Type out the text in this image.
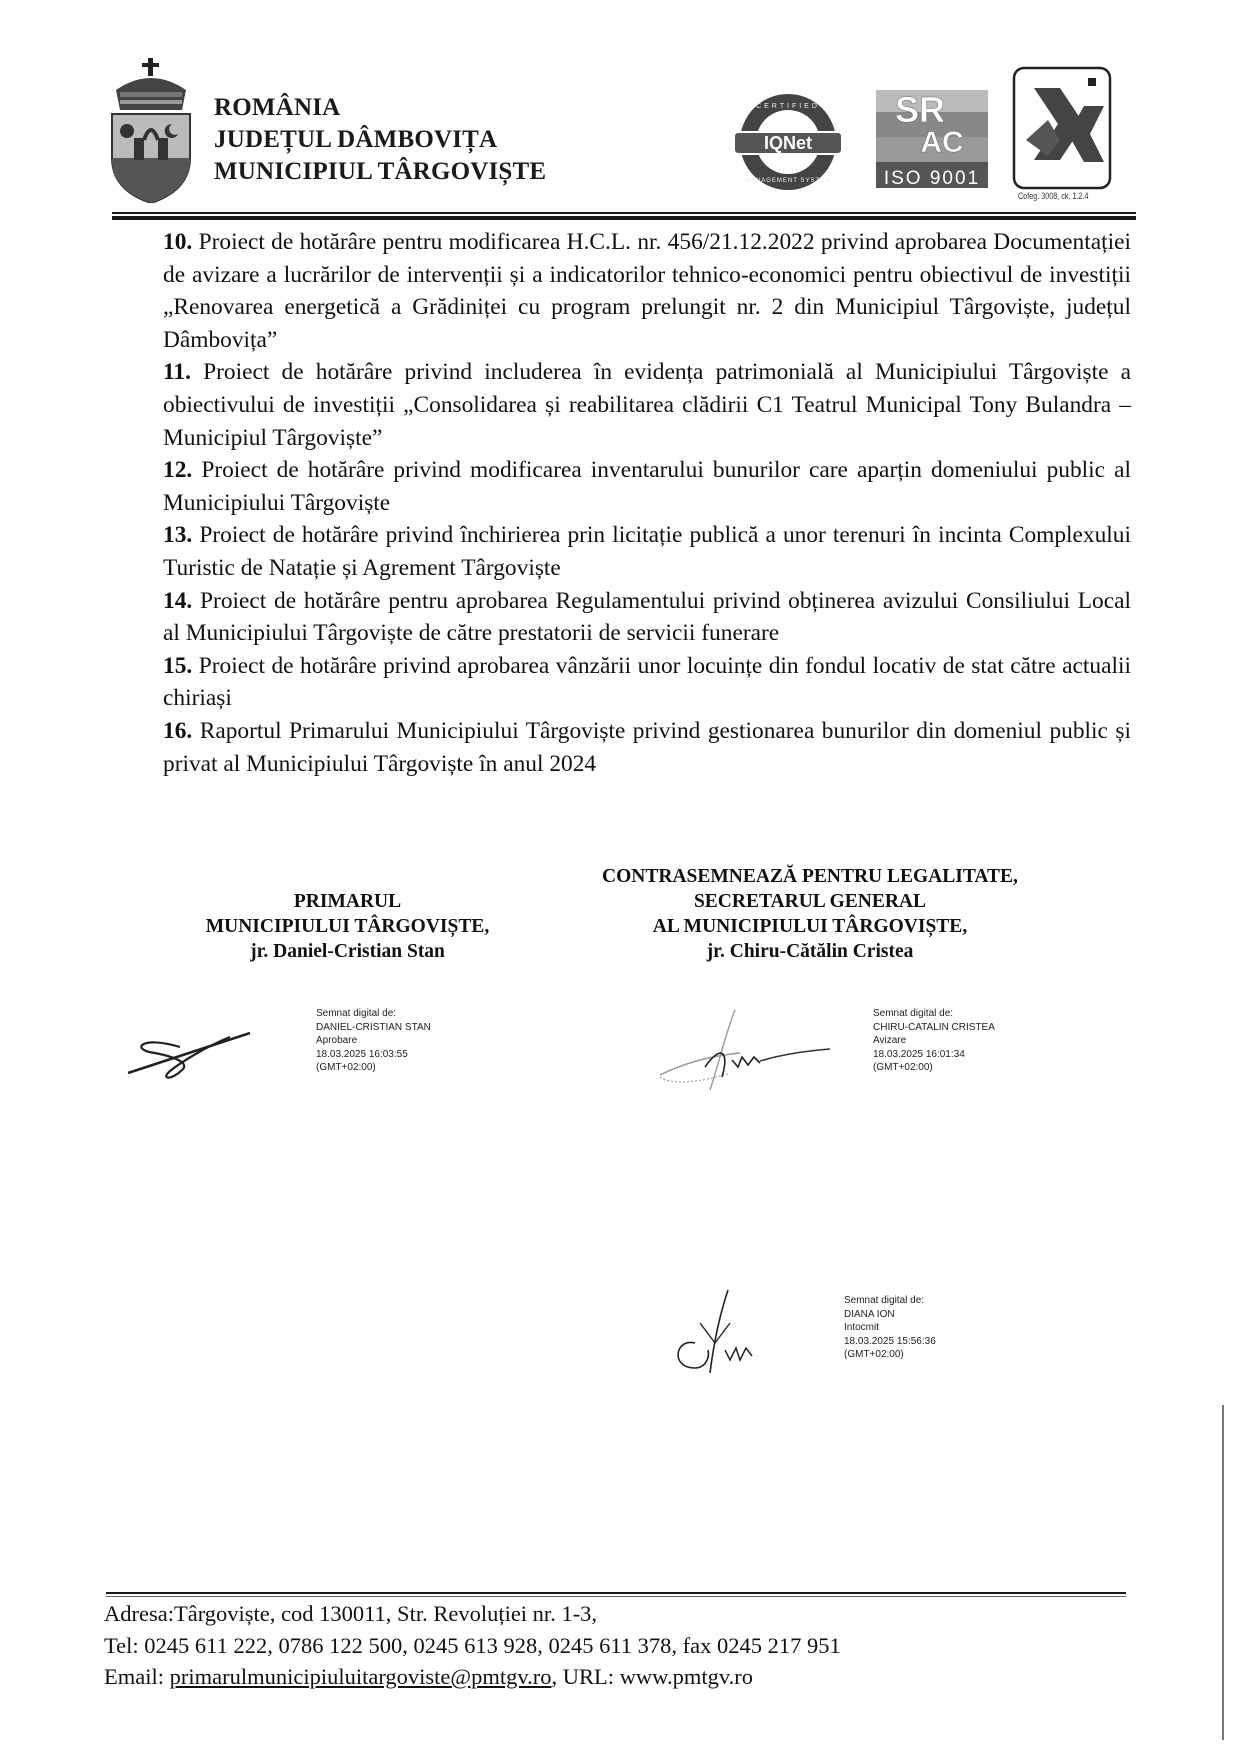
ROMÂNIA
JUDEȚUL DÂMBOVIȚA
MUNICIPIUL TÂRGOVIȘTE
IQNet
CERTIFIED
MANAGEMENT SYSTEM
SR
AC
ISO 9001
Cofeg. 3008, ck. 1.2.4
10. Proiect de hotărâre pentru modificarea H.C.L. nr. 456/21.12.2022 privind aprobarea Documentației de avizare a lucrărilor de intervenții și a indicatorilor tehnico-economici pentru obiectivul de investiții „Renovarea energetică a Grădiniței cu program prelungit nr. 2 din Municipiul Târgoviște, județul Dâmbovița”
11. Proiect de hotărâre privind includerea în evidența patrimonială al Municipiului Târgoviște a obiectivului de investiții „Consolidarea și reabilitarea clădirii C1 Teatrul Municipal Tony Bulandra – Municipiul Târgoviște”
12. Proiect de hotărâre privind modificarea inventarului bunurilor care aparțin domeniului public al Municipiului Târgoviște
13. Proiect de hotărâre privind închirierea prin licitație publică a unor terenuri în incinta Complexului Turistic de Natație și Agrement Târgoviște
14. Proiect de hotărâre pentru aprobarea Regulamentului privind obținerea avizului Consiliului Local al Municipiului Târgoviște de către prestatorii de servicii funerare
15. Proiect de hotărâre privind aprobarea vânzării unor locuințe din fondul locativ de stat către actualii chiriași
16. Raportul Primarului Municipiului Târgoviște privind gestionarea bunurilor din domeniul public și privat al Municipiului Târgoviște în anul 2024
PRIMARUL
MUNICIPIULUI TÂRGOVIȘTE,
jr. Daniel-Cristian Stan
CONTRASEMNEAZĂ PENTRU LEGALITATE,
SECRETARUL GENERAL
AL MUNICIPIULUI TÂRGOVIȘTE,
jr. Chiru-Cătălin Cristea
Semnat digital de:
DANIEL-CRISTIAN STAN
Aprobare
18.03.2025 16:03:55
(GMT+02:00)
Semnat digital de:
CHIRU-CATALIN CRISTEA
Avizare
18.03.2025 16:01:34
(GMT+02:00)
Semnat digital de:
DIANA ION
Intocmit
18.03.2025 15:56:36
(GMT+02:00)
Adresa:Târgoviște, cod 130011, Str. Revoluției nr. 1-3,
Tel: 0245 611 222, 0786 122 500, 0245 613 928, 0245 611 378, fax 0245 217 951
Email: primarulmunicipiuluitargoviste@pmtgv.ro, URL: www.pmtgv.ro
